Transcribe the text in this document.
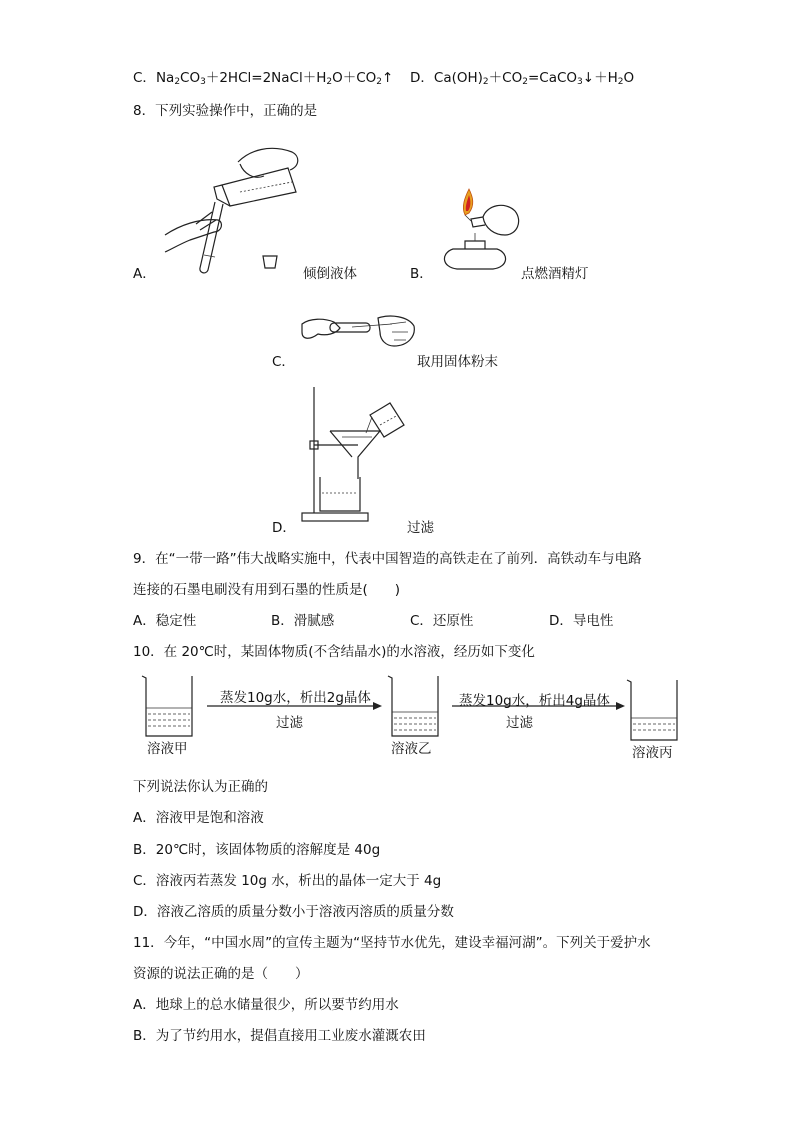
C．$Na_2CO_3+2HCl=2NaCl+H_2O+CO_2↑$ D．$Ca(OH)_2+CO_2=CaCO_3↓+H_2O$
8．下列实验操作中，正确的是
A．	倾倒液体	B．	点燃酒精灯
C．	取用固体粉末
D．	过滤
9．在“一带一路”伟大战略实施中，代表中国智造的高铁走在了前列．高铁动车与电路
连接的石墨电刷没有用到石墨的性质是(　　)
A．稳定性	B．滑腻感	C．还原性	D．导电性
10．在 20℃时，某固体物质(不含结晶水)的水溶液，经历如下变化
溶液甲
蒸发10g水，析出2g晶体
过滤
溶液乙
蒸发10g水，析出4g晶体
过滤
溶液丙
下列说法你认为正确的
A．溶液甲是饱和溶液
B．20℃时，该固体物质的溶解度是 40g
C．溶液丙若蒸发 10g 水，析出的晶体一定大于 4g
D．溶液乙溶质的质量分数小于溶液丙溶质的质量分数
11．今年，“中国水周”的宣传主题为“坚持节水优先，建设幸福河湖”。下列关于爱护水
资源的说法正确的是（　　）
A．地球上的总水储量很少，所以要节约用水
B．为了节约用水，提倡直接用工业废水灌溉农田
